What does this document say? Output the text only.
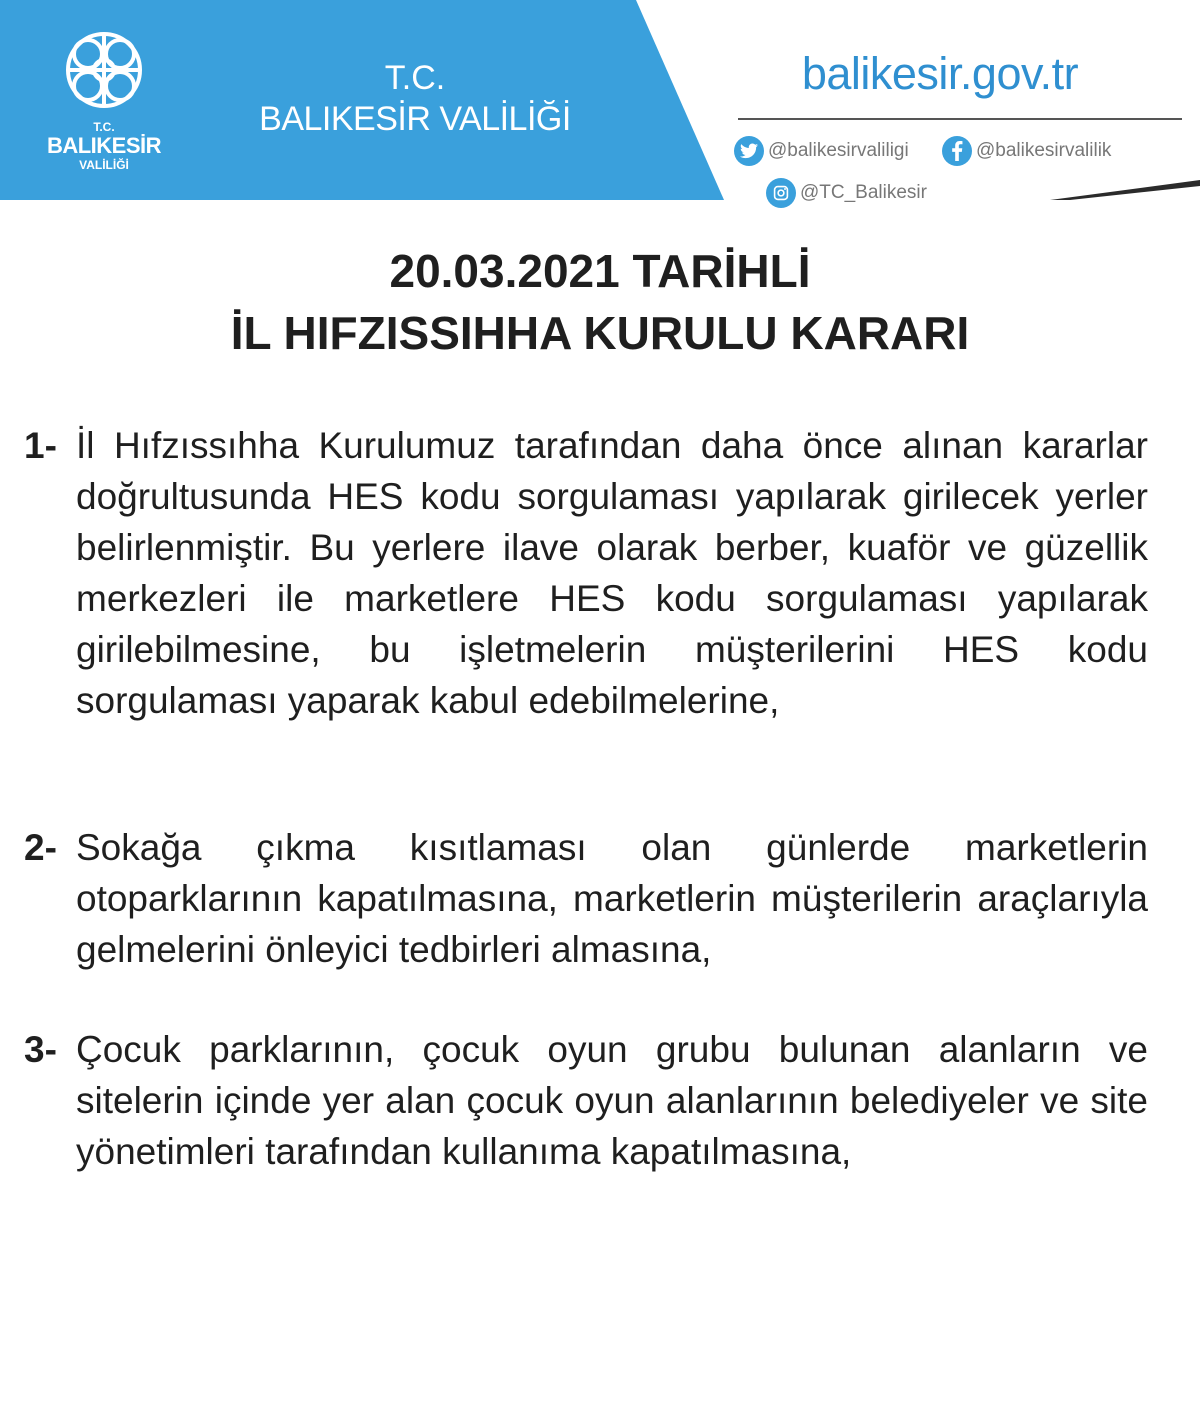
T.C.
BALIKESİR
VALİLİĞİ
T.C.
BALIKESİR VALİLİĞİ
balikesir.gov.tr
@balikesirvaliligi	@balikesirvalilik
@TC_Balikesir
20.03.2021 TARİHLİ
İL HIFZISSIHHA KURULU KARARI
1- İl Hıfzıssıhha Kurulumuz tarafından daha önce alınan kararlar doğrultusunda HES kodu sorgulaması yapılarak girilecek yerler belirlenmiştir. Bu yerlere ilave olarak berber, kuaför ve güzellik merkezleri ile marketlere HES kodu sorgulaması yapılarak girilebilmesine, bu işletmelerin müşterilerini HES kodu sorgulaması yaparak kabul edebilmelerine,
2- Sokağa çıkma kısıtlaması olan günlerde marketlerin otoparklarının kapatılmasına, marketlerin müşterilerin araçlarıyla gelmelerini önleyici tedbirleri almasına,
3- Çocuk parklarının, çocuk oyun grubu bulunan alanların ve sitelerin içinde yer alan çocuk oyun alanlarının belediyeler ve site yönetimleri tarafından kullanıma kapatılmasına,
